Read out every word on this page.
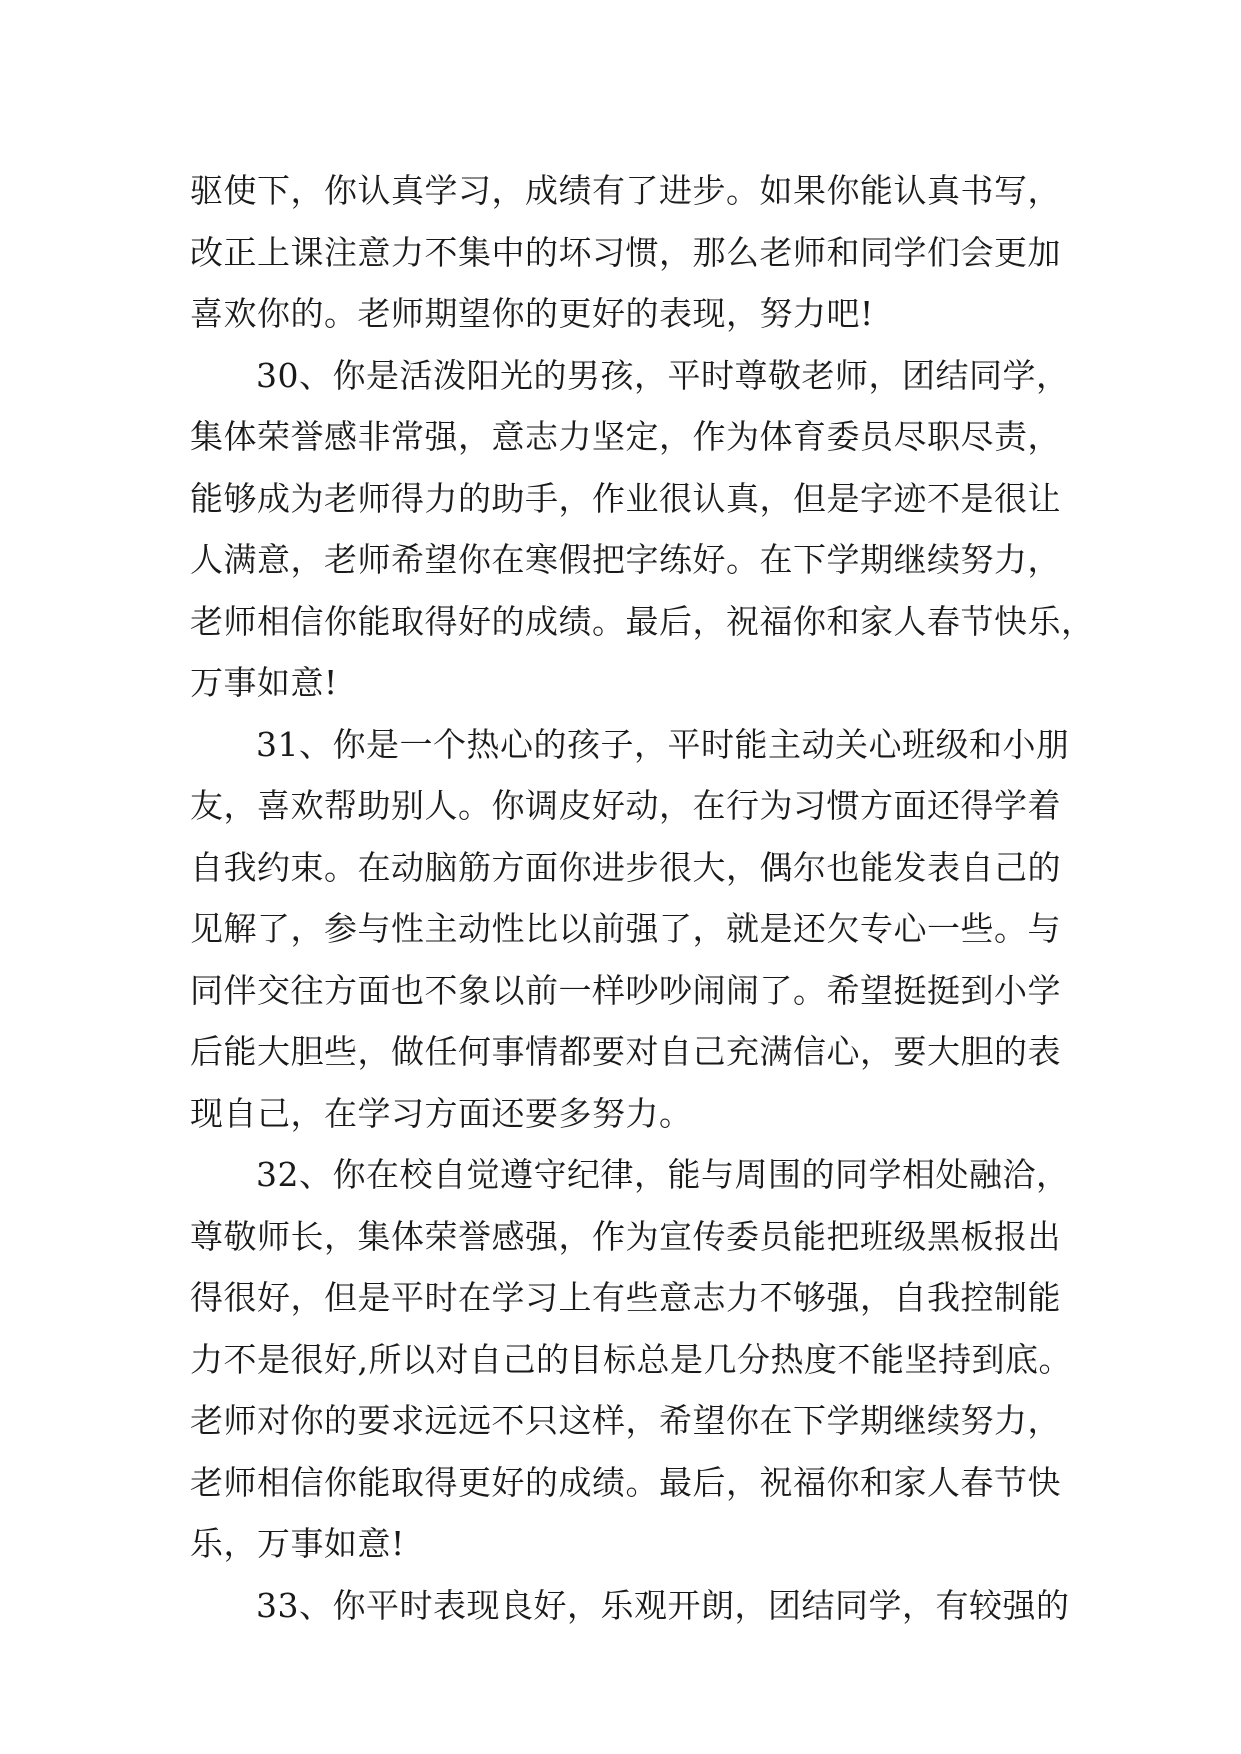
驱使下，你认真学习，成绩有了进步。如果你能认真书写，
改正上课注意力不集中的坏习惯，那么老师和同学们会更加
喜欢你的。老师期望你的更好的表现，努力吧!
30、你是活泼阳光的男孩，平时尊敬老师，团结同学，
集体荣誉感非常强，意志力坚定，作为体育委员尽职尽责，
能够成为老师得力的助手，作业很认真，但是字迹不是很让
人满意，老师希望你在寒假把字练好。在下学期继续努力，
老师相信你能取得好的成绩。最后，祝福你和家人春节快乐，
万事如意!
31、你是一个热心的孩子，平时能主动关心班级和小朋
友，喜欢帮助别人。你调皮好动，在行为习惯方面还得学着
自我约束。在动脑筋方面你进步很大，偶尔也能发表自己的
见解了，参与性主动性比以前强了，就是还欠专心一些。与
同伴交往方面也不象以前一样吵吵闹闹了。希望挺挺到小学
后能大胆些，做任何事情都要对自己充满信心，要大胆的表
现自己，在学习方面还要多努力。
32、你在校自觉遵守纪律，能与周围的同学相处融洽，
尊敬师长，集体荣誉感强，作为宣传委员能把班级黑板报出
得很好，但是平时在学习上有些意志力不够强，自我控制能
力不是很好,所以对自己的目标总是几分热度不能坚持到底。
老师对你的要求远远不只这样，希望你在下学期继续努力，
老师相信你能取得更好的成绩。最后，祝福你和家人春节快
乐，万事如意!
33、你平时表现良好，乐观开朗，团结同学，有较强的
